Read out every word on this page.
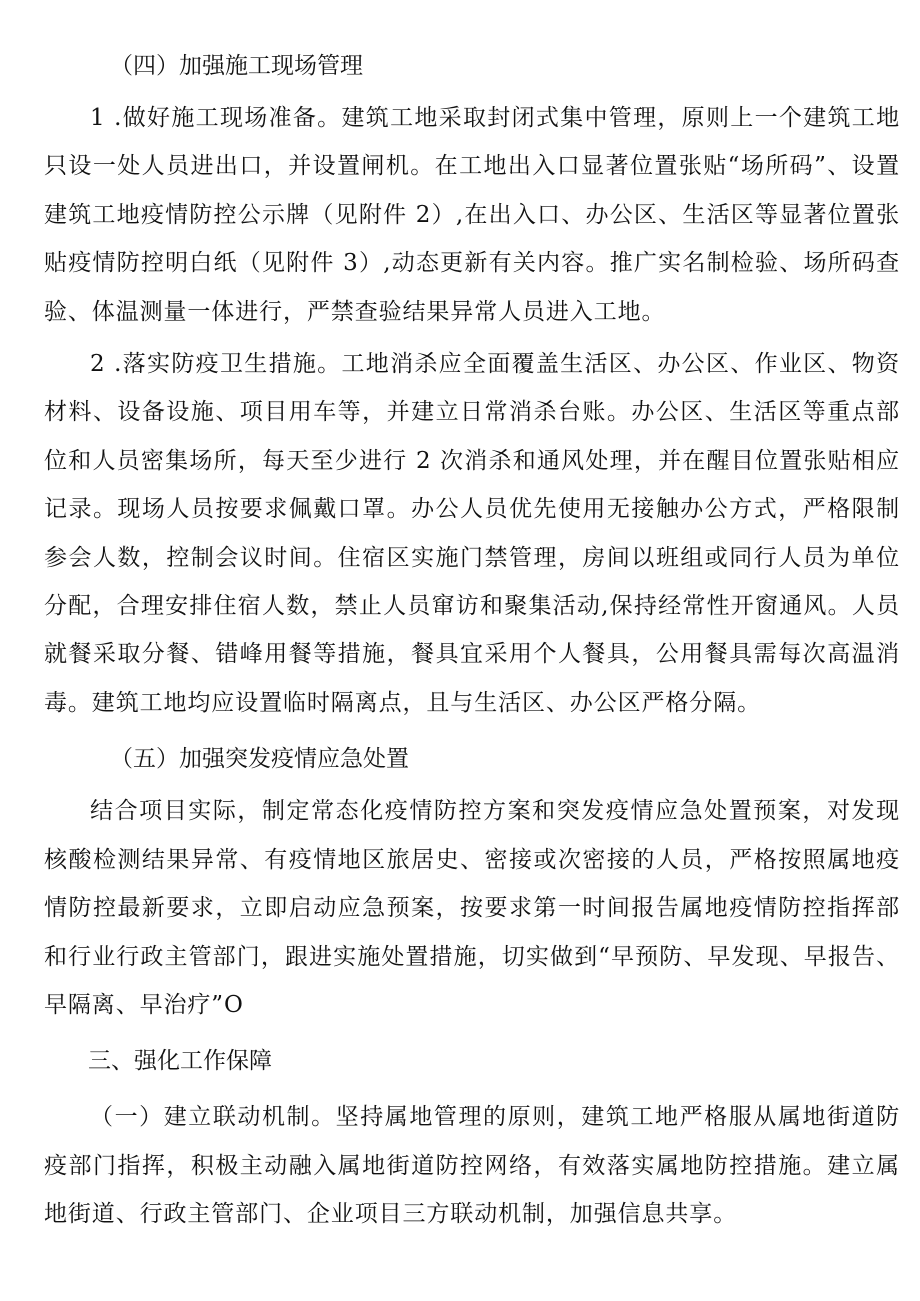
（四）加强施工现场管理

1 .做好施工现场准备。建筑工地采取封闭式集中管理，原则上一个建筑工地只设一处人员进出口，并设置闸机。在工地出入口显著位置张贴“场所码”、设置建筑工地疫情防控公示牌（见附件 2）,在出入口、办公区、生活区等显著位置张贴疫情防控明白纸（见附件 3）,动态更新有关内容。推广实名制检验、场所码查验、体温测量一体进行，严禁查验结果异常人员进入工地。

2 .落实防疫卫生措施。工地消杀应全面覆盖生活区、办公区、作业区、物资材料、设备设施、项目用车等，并建立日常消杀台账。办公区、生活区等重点部位和人员密集场所，每天至少进行 2 次消杀和通风处理，并在醒目位置张贴相应记录。现场人员按要求佩戴口罩。办公人员优先使用无接触办公方式，严格限制参会人数，控制会议时间。住宿区实施门禁管理，房间以班组或同行人员为单位分配，合理安排住宿人数，禁止人员窜访和聚集活动,保持经常性开窗通风。人员就餐采取分餐、错峰用餐等措施，餐具宜采用个人餐具，公用餐具需每次高温消毒。建筑工地均应设置临时隔离点，且与生活区、办公区严格分隔。

（五）加强突发疫情应急处置

结合项目实际，制定常态化疫情防控方案和突发疫情应急处置预案，对发现核酸检测结果异常、有疫情地区旅居史、密接或次密接的人员，严格按照属地疫情防控最新要求，立即启动应急预案，按要求第一时间报告属地疫情防控指挥部和行业行政主管部门，跟进实施处置措施，切实做到“早预防、早发现、早报告、早隔离、早治疗”O

三、强化工作保障

（一）建立联动机制。坚持属地管理的原则，建筑工地严格服从属地街道防疫部门指挥，积极主动融入属地街道防控网络，有效落实属地防控措施。建立属地街道、行政主管部门、企业项目三方联动机制，加强信息共享。
